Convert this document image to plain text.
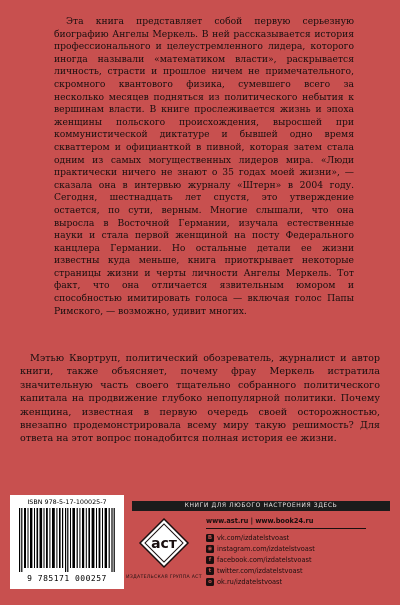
Эта книга представляет собой первую серьезную биографию Ангелы Меркель. В ней рассказывается история профессионального и целеустремленного лидера, которого иногда называли «математиком власти», раскрывается личность, страсти и прошлое ничем не примечательного, скромного квантового физика, сумевшего всего за несколько месяцев подняться из политического небытия к вершинам власти. В книге прослеживается жизнь и эпоха женщины польского происхождения, выросшей при коммунистической диктатуре и бывшей одно время скваттером и официанткой в пивной, которая затем стала одним из самых могущественных лидеров мира. «Люди практически ничего не знают о 35 годах моей жизни», — сказала она в интервью журналу «Штерн» в 2004 году. Сегодня, шестнадцать лет спустя, это утверждение остается, по сути, верным. Многие слышали, что она выросла в Восточной Германии, изучала естественные науки и стала первой женщиной на посту Федерального канцлера Германии. Но остальные детали ее жизни известны куда меньше, книга приоткрывает некоторые страницы жизни и черты личности Ангелы Меркель. Тот факт, что она отличается язвительным юмором и способностью имитировать голоса — включая голос Папы Римского, — возможно, удивит многих.

Мэтью Квортруп, политический обозреватель, журналист и автор книги, также объясняет, почему фрау Меркель истратила значительную часть своего тщательно собранного политического капитала на продвижение глубоко непопулярной политики. Почему женщина, известная в первую очередь своей осторожностью, внезапно продемонстрировала всему миру такую решимость? Для ответа на этот вопрос понадобится полная история ее жизни.

ISBN 978-5-17-100025-7
9 785171 000257
КНИГИ ДЛЯ ЛЮБОГО НАСТРОЕНИЯ ЗДЕСЬ
аст
ИЗДАТЕЛЬСКАЯ ГРУППА АСТ
www.ast.ru | www.book24.ru
B vk.com/izdatelstvoast
◉ instagram.com/izdatelstvoast
f facebook.com/izdatelstvoast
t twitter.com/izdatelstvoast
o ok.ru/izdatelstvoast
